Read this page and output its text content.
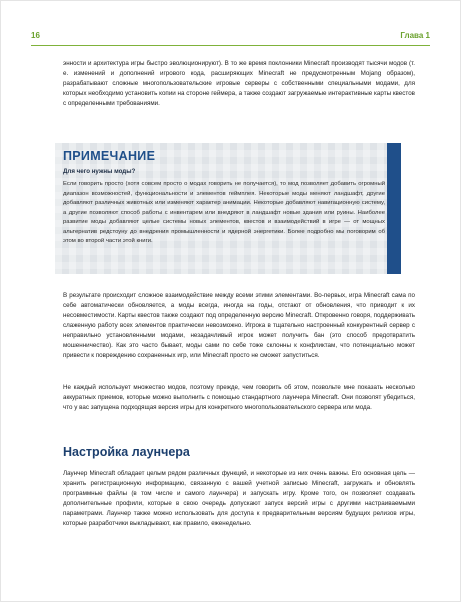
16	Глава 1

энности и архитектура игры быстро эволюционируют). В то же время поклонники Minecraft производят тысячи модов (т. е. изменений и дополнений игрового кода, расширяющих Minecraft не предусмотренным Mojang образом), разрабатывают сложные многопользовательские игровые серверы с собственными специальными модами, для которых необходимо установить копии на стороне геймера, а также создают загружаемые интерактивные карты квестов с определенными требованиями.

ПРИМЕЧАНИЕ
Для чего нужны моды?

Если говорить просто (хотя совсем просто о модах говорить не получается), то мод позволяет добавить огромный диапазон возможностей, функциональности и элементов геймплея. Некоторые моды меняют ландшафт, другие добавляют различных животных или изменяют характер анимации. Некоторые добавляют навигационную систему, а другие позволяют способ работы с инвентарем или внедряют в ландшафт новые здания или руины. Наиболее развитие моды добавляют целые системы новых элементов, квестов и взаимодействий в игре — от мощных альтернатив редстоуну до внедрения промышленности и ядерной энергетики. Более подробно мы поговорим об этом во второй части этой книги.

В результате происходит сложное взаимодействие между всеми этими элементами. Во-первых, игра Minecraft сама по себе автоматически обновляется, а моды всегда, иногда на годы, отстают от обновления, что приводит к их несовместимости. Карты квестов также создают под определенную версию Minecraft. Откровенно говоря, поддерживать слаженную работу всех элементов практически невозможно. Игрока в тщательно настроенный конкурентный сервер с неправильно установленными модами, незадачливый игрок может получить бан (это способ предотвратить мошенничество). Как это часто бывает, моды сами по себе тоже склонны к конфликтам, что потенциально может привести к повреждению сохраненных игр, или Minecraft просто не сможет запуститься.

Не каждый использует множество модов, поэтому прежде, чем говорить об этом, позвольте мне показать несколько аккуратных приемов, которые можно выполнить с помощью стандартного лаунчера Minecraft. Они позволят убедиться, что у вас запущена подходящая версия игры для конкретного многопользовательского сервера или мода.

Настройка лаунчера

Лаунчер Minecraft обладает целым рядом различных функций, и некоторые из них очень важны. Его основная цель — хранить регистрационную информацию, связанную с вашей учетной записью Minecraft, загружать и обновлять программные файлы (в том числе и самого лаунчера) и запускать игру. Кроме того, он позволяет создавать дополнительные профили, которые в свою очередь допускают запуск версий игры с другими настраиваемыми параметрами. Лаунчер также можно использовать для доступа к предварительным версиям будущих релизов игры, которые разработчики выкладывают, как правило, еженедельно.
